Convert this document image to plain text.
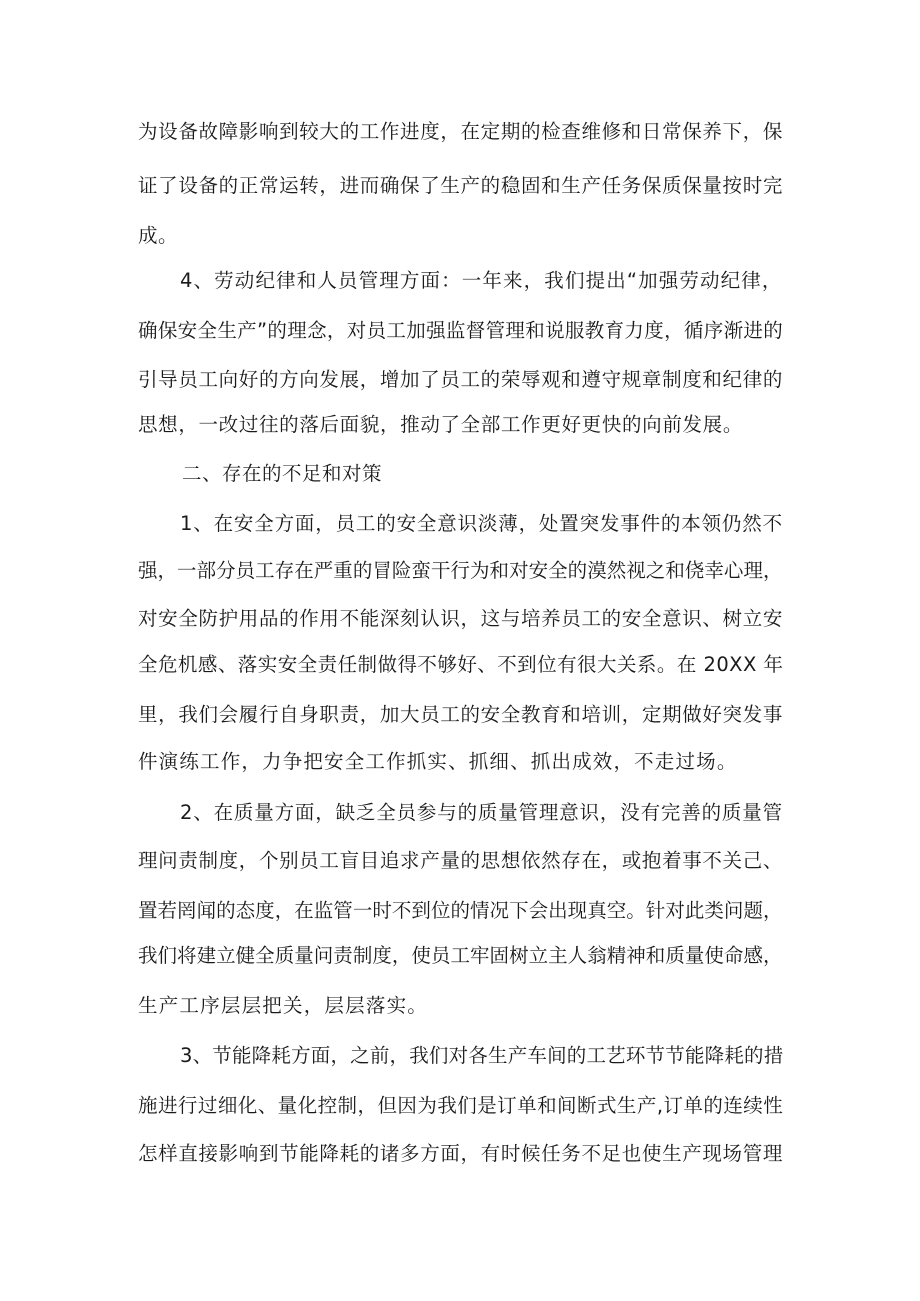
为设备故障影响到较大的工作进度，在定期的检查维修和日常保养下，保
证了设备的正常运转，进而确保了生产的稳固和生产任务保质保量按时完
成。
4、劳动纪律和人员管理方面：一年来，我们提出“加强劳动纪律，
确保安全生产”的理念，对员工加强监督管理和说服教育力度，循序渐进的
引导员工向好的方向发展，增加了员工的荣辱观和遵守规章制度和纪律的
思想，一改过往的落后面貌，推动了全部工作更好更快的向前发展。
二、存在的不足和对策
1、在安全方面，员工的安全意识淡薄，处置突发事件的本领仍然不
强，一部分员工存在严重的冒险蛮干行为和对安全的漠然视之和侥幸心理，
对安全防护用品的作用不能深刻认识，这与培养员工的安全意识、树立安
全危机感、落实安全责任制做得不够好、不到位有很大关系。在 20XX 年
里，我们会履行自身职责，加大员工的安全教育和培训，定期做好突发事
件演练工作，力争把安全工作抓实、抓细、抓出成效，不走过场。
2、在质量方面，缺乏全员参与的质量管理意识，没有完善的质量管
理问责制度，个别员工盲目追求产量的思想依然存在，或抱着事不关己、
置若罔闻的态度，在监管一时不到位的情况下会出现真空。针对此类问题，
我们将建立健全质量问责制度，使员工牢固树立主人翁精神和质量使命感，
生产工序层层把关，层层落实。
3、节能降耗方面，之前，我们对各生产车间的工艺环节节能降耗的措
施进行过细化、量化控制，但因为我们是订单和间断式生产,订单的连续性
怎样直接影响到节能降耗的诸多方面，有时候任务不足也使生产现场管理
